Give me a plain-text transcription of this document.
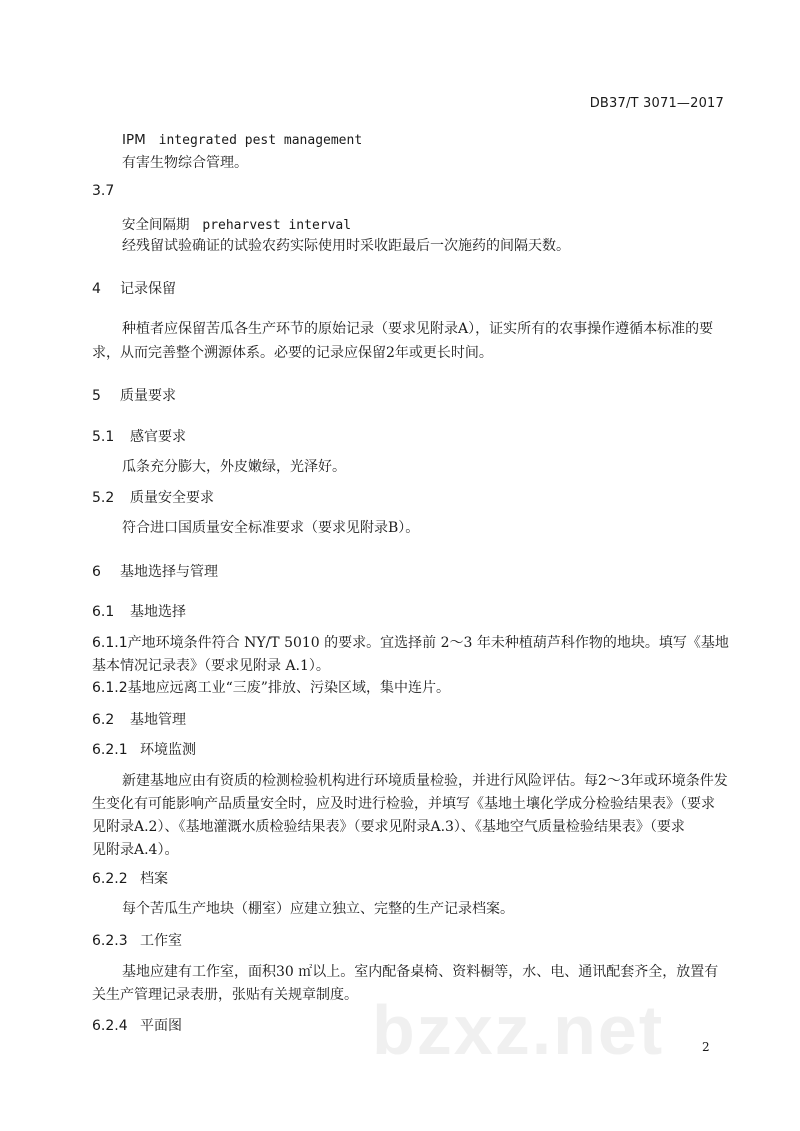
DB37/T 3071—2017
IPM integrated pest management
有害生物综合管理。
3.7
安全间隔期 preharvest interval
经残留试验确证的试验农药实际使用时采收距最后一次施药的间隔天数。
4 记录保留
种植者应保留苦瓜各生产环节的原始记录（要求见附录A），证实所有的农事操作遵循本标准的要
求，从而完善整个溯源体系。必要的记录应保留2年或更长时间。
5 质量要求
5.1 感官要求
瓜条充分膨大，外皮嫩绿，光泽好。
5.2 质量安全要求
符合进口国质量安全标准要求（要求见附录B）。
6 基地选择与管理
6.1 基地选择
6.1.1产地环境条件符合 NY/T 5010 的要求。宜选择前 2～3 年未种植葫芦科作物的地块。填写《基地
基本情况记录表》（要求见附录 A.1）。
6.1.2基地应远离工业“三废”排放、污染区域，集中连片。
6.2 基地管理
6.2.1 环境监测
新建基地应由有资质的检测检验机构进行环境质量检验，并进行风险评估。每2～3年或环境条件发
生变化有可能影响产品质量安全时，应及时进行检验，并填写《基地土壤化学成分检验结果表》（要求
见附录A.2）、《基地灌溉水质检验结果表》（要求见附录A.3）、《基地空气质量检验结果表》（要求
见附录A.4）。
6.2.2 档案
每个苦瓜生产地块（棚室）应建立独立、完整的生产记录档案。
6.2.3 工作室
基地应建有工作室，面积30 ㎡以上。室内配备桌椅、资料橱等，水、电、通讯配套齐全，放置有
关生产管理记录表册，张贴有关规章制度。
6.2.4 平面图	bzxz.net	2
